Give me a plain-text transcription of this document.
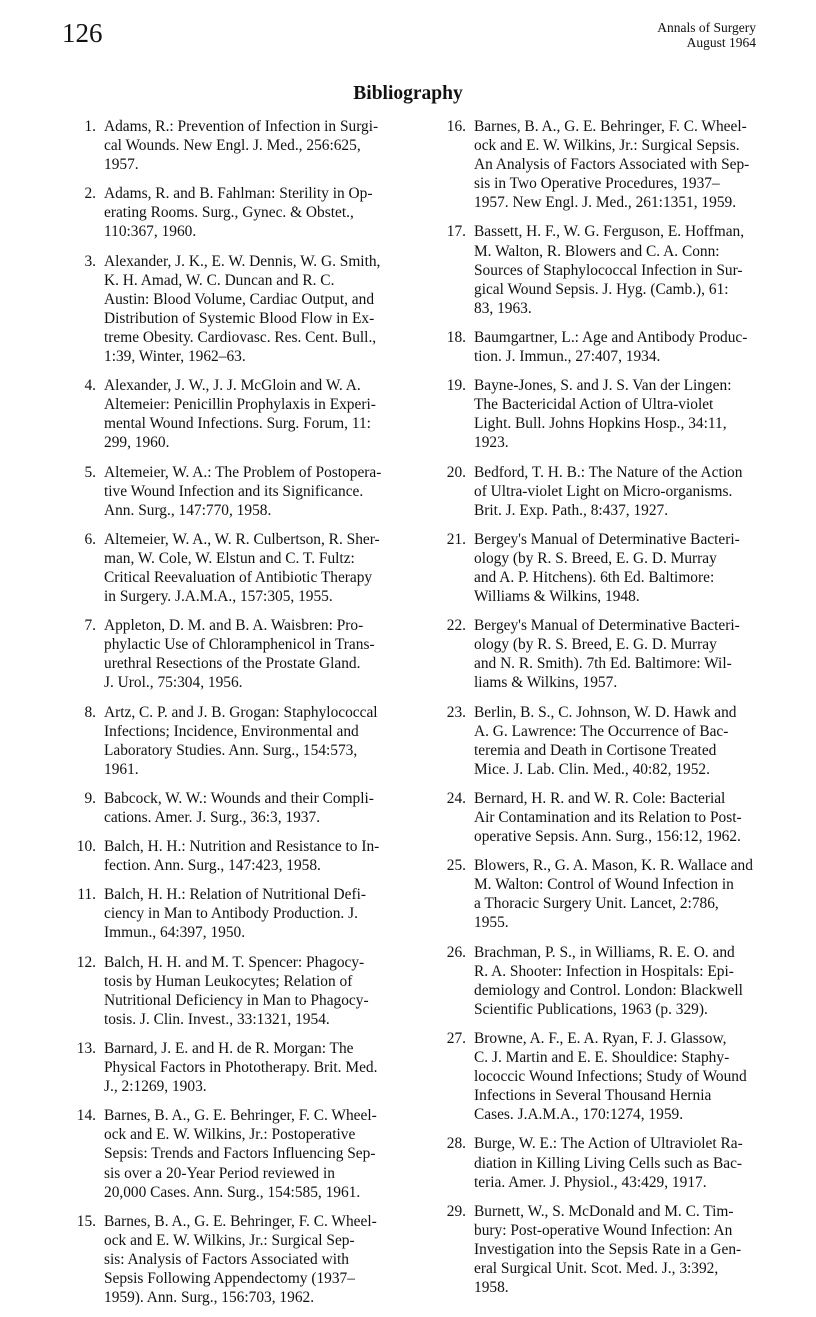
126	Annals of Surgery
August 1964
Bibliography
1. Adams, R.: Prevention of Infection in Surgi-
cal Wounds. New Engl. J. Med., 256:625,
1957.
2. Adams, R. and B. Fahlman: Sterility in Op-
erating Rooms. Surg., Gynec. & Obstet.,
110:367, 1960.
3. Alexander, J. K., E. W. Dennis, W. G. Smith,
K. H. Amad, W. C. Duncan and R. C.
Austin: Blood Volume, Cardiac Output, and
Distribution of Systemic Blood Flow in Ex-
treme Obesity. Cardiovasc. Res. Cent. Bull.,
1:39, Winter, 1962–63.
4. Alexander, J. W., J. J. McGloin and W. A.
Altemeier: Penicillin Prophylaxis in Experi-
mental Wound Infections. Surg. Forum, 11:
299, 1960.
5. Altemeier, W. A.: The Problem of Postopera-
tive Wound Infection and its Significance.
Ann. Surg., 147:770, 1958.
6. Altemeier, W. A., W. R. Culbertson, R. Sher-
man, W. Cole, W. Elstun and C. T. Fultz:
Critical Reevaluation of Antibiotic Therapy
in Surgery. J.A.M.A., 157:305, 1955.
7. Appleton, D. M. and B. A. Waisbren: Pro-
phylactic Use of Chloramphenicol in Trans-
urethral Resections of the Prostate Gland.
J. Urol., 75:304, 1956.
8. Artz, C. P. and J. B. Grogan: Staphylococcal
Infections; Incidence, Environmental and
Laboratory Studies. Ann. Surg., 154:573,
1961.
9. Babcock, W. W.: Wounds and their Compli-
cations. Amer. J. Surg., 36:3, 1937.
10. Balch, H. H.: Nutrition and Resistance to In-
fection. Ann. Surg., 147:423, 1958.
11. Balch, H. H.: Relation of Nutritional Defi-
ciency in Man to Antibody Production. J.
Immun., 64:397, 1950.
12. Balch, H. H. and M. T. Spencer: Phagocy-
tosis by Human Leukocytes; Relation of
Nutritional Deficiency in Man to Phagocy-
tosis. J. Clin. Invest., 33:1321, 1954.
13. Barnard, J. E. and H. de R. Morgan: The
Physical Factors in Phototherapy. Brit. Med.
J., 2:1269, 1903.
14. Barnes, B. A., G. E. Behringer, F. C. Wheel-
ock and E. W. Wilkins, Jr.: Postoperative
Sepsis: Trends and Factors Influencing Sep-
sis over a 20-Year Period reviewed in
20,000 Cases. Ann. Surg., 154:585, 1961.
15. Barnes, B. A., G. E. Behringer, F. C. Wheel-
ock and E. W. Wilkins, Jr.: Surgical Sep-
sis: Analysis of Factors Associated with
Sepsis Following Appendectomy (1937–
1959). Ann. Surg., 156:703, 1962.
16. Barnes, B. A., G. E. Behringer, F. C. Wheel-
ock and E. W. Wilkins, Jr.: Surgical Sepsis.
An Analysis of Factors Associated with Sep-
sis in Two Operative Procedures, 1937–
1957. New Engl. J. Med., 261:1351, 1959.
17. Bassett, H. F., W. G. Ferguson, E. Hoffman,
M. Walton, R. Blowers and C. A. Conn:
Sources of Staphylococcal Infection in Sur-
gical Wound Sepsis. J. Hyg. (Camb.), 61:
83, 1963.
18. Baumgartner, L.: Age and Antibody Produc-
tion. J. Immun., 27:407, 1934.
19. Bayne-Jones, S. and J. S. Van der Lingen:
The Bactericidal Action of Ultra-violet
Light. Bull. Johns Hopkins Hosp., 34:11,
1923.
20. Bedford, T. H. B.: The Nature of the Action
of Ultra-violet Light on Micro-organisms.
Brit. J. Exp. Path., 8:437, 1927.
21. Bergey's Manual of Determinative Bacteri-
ology (by R. S. Breed, E. G. D. Murray
and A. P. Hitchens). 6th Ed. Baltimore:
Williams & Wilkins, 1948.
22. Bergey's Manual of Determinative Bacteri-
ology (by R. S. Breed, E. G. D. Murray
and N. R. Smith). 7th Ed. Baltimore: Wil-
liams & Wilkins, 1957.
23. Berlin, B. S., C. Johnson, W. D. Hawk and
A. G. Lawrence: The Occurrence of Bac-
teremia and Death in Cortisone Treated
Mice. J. Lab. Clin. Med., 40:82, 1952.
24. Bernard, H. R. and W. R. Cole: Bacterial
Air Contamination and its Relation to Post-
operative Sepsis. Ann. Surg., 156:12, 1962.
25. Blowers, R., G. A. Mason, K. R. Wallace and
M. Walton: Control of Wound Infection in
a Thoracic Surgery Unit. Lancet, 2:786,
1955.
26. Brachman, P. S., in Williams, R. E. O. and
R. A. Shooter: Infection in Hospitals: Epi-
demiology and Control. London: Blackwell
Scientific Publications, 1963 (p. 329).
27. Browne, A. F., E. A. Ryan, F. J. Glassow,
C. J. Martin and E. E. Shouldice: Staphy-
lococcic Wound Infections; Study of Wound
Infections in Several Thousand Hernia
Cases. J.A.M.A., 170:1274, 1959.
28. Burge, W. E.: The Action of Ultraviolet Ra-
diation in Killing Living Cells such as Bac-
teria. Amer. J. Physiol., 43:429, 1917.
29. Burnett, W., S. McDonald and M. C. Tim-
bury: Post-operative Wound Infection: An
Investigation into the Sepsis Rate in a Gen-
eral Surgical Unit. Scot. Med. J., 3:392,
1958.
